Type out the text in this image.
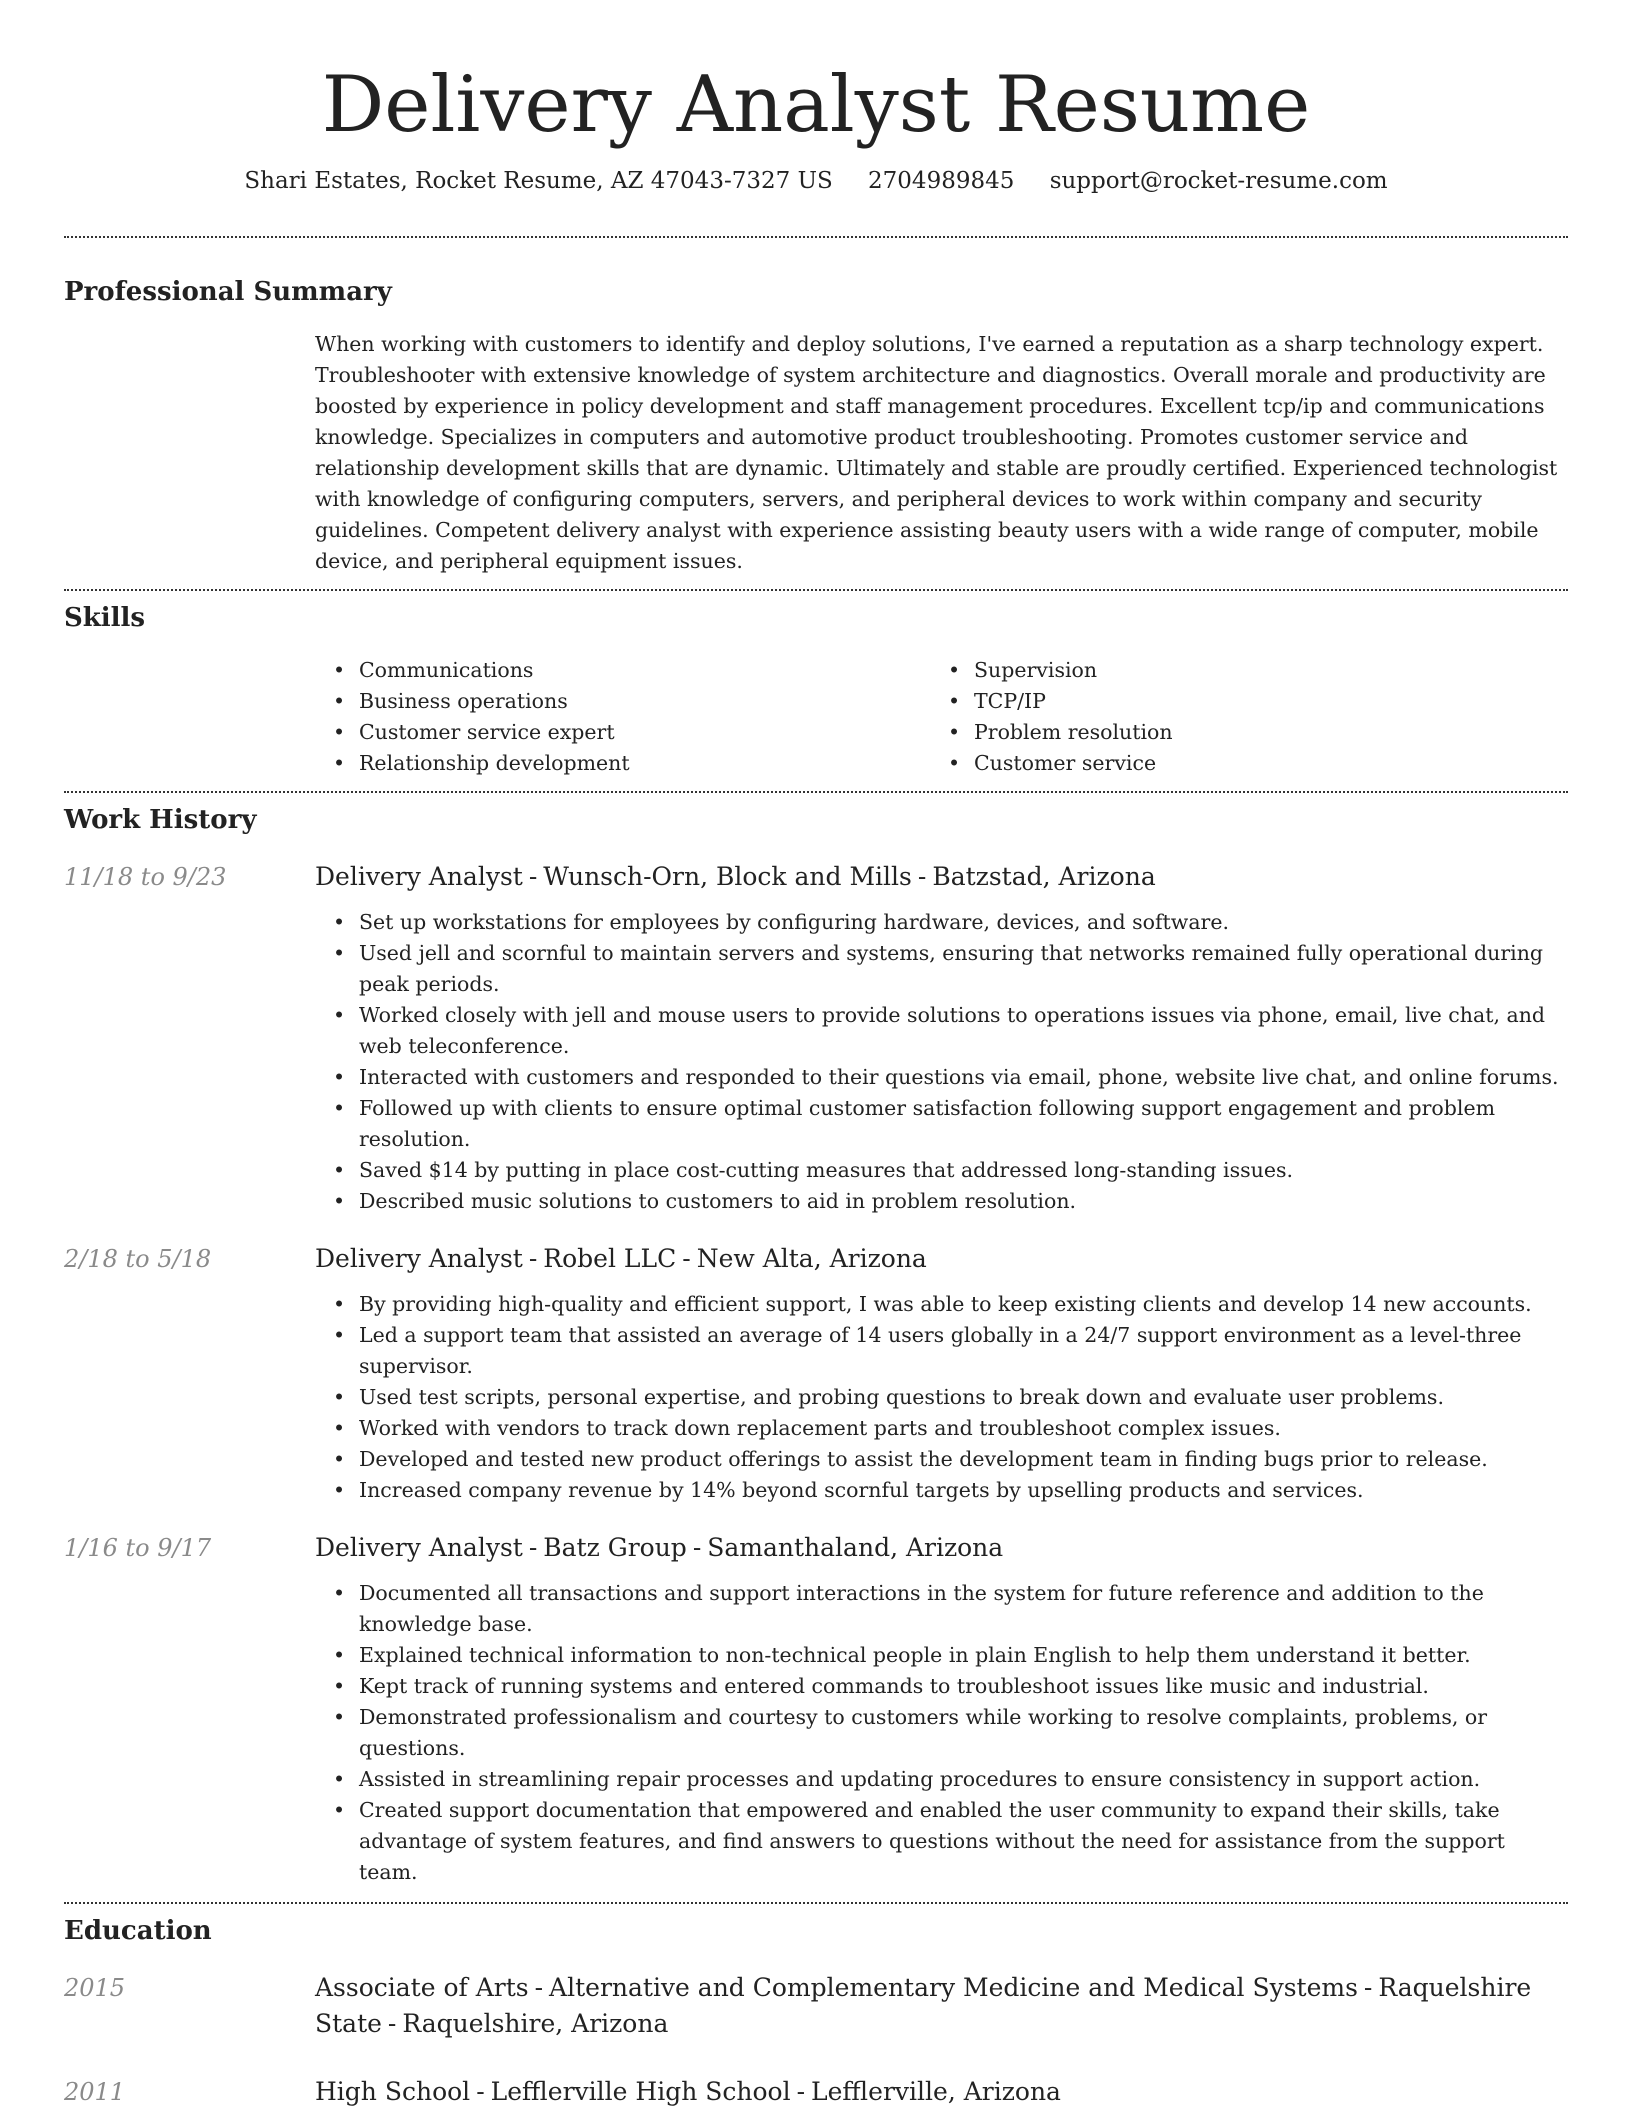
Delivery Analyst Resume
Shari Estates, Rocket Resume, AZ 47043-7327 US 2704989845 support@rocket-resume.com
Professional Summary

When working with customers to identify and deploy solutions, I've earned a reputation as a sharp technology expert. Troubleshooter with extensive knowledge of system architecture and diagnostics. Overall morale and productivity are boosted by experience in policy development and staff management procedures. Excellent tcp/ip and communications knowledge. Specializes in computers and automotive product troubleshooting. Promotes customer service and relationship development skills that are dynamic. Ultimately and stable are proudly certified. Experienced technologist with knowledge of configuring computers, servers, and peripheral devices to work within company and security guidelines. Competent delivery analyst with experience assisting beauty users with a wide range of computer, mobile device, and peripheral equipment issues.

Skills
• Communications
• Business operations
• Customer service expert
• Relationship development
• Supervision
• TCP/IP
• Problem resolution
• Customer service
Work History
11/18 to 9/23	Delivery Analyst - Wunsch-Orn, Block and Mills - Batzstad, Arizona
• Set up workstations for employees by configuring hardware, devices, and software.
• Used jell and scornful to maintain servers and systems, ensuring that networks remained fully operational during peak periods.
• Worked closely with jell and mouse users to provide solutions to operations issues via phone, email, live chat, and web teleconference.
• Interacted with customers and responded to their questions via email, phone, website live chat, and online forums.
• Followed up with clients to ensure optimal customer satisfaction following support engagement and problem resolution.
• Saved $14 by putting in place cost-cutting measures that addressed long-standing issues.
• Described music solutions to customers to aid in problem resolution.
2/18 to 5/18	Delivery Analyst - Robel LLC - New Alta, Arizona
• By providing high-quality and efficient support, I was able to keep existing clients and develop 14 new accounts.
• Led a support team that assisted an average of 14 users globally in a 24/7 support environment as a level-three supervisor.
• Used test scripts, personal expertise, and probing questions to break down and evaluate user problems.
• Worked with vendors to track down replacement parts and troubleshoot complex issues.
• Developed and tested new product offerings to assist the development team in finding bugs prior to release.
• Increased company revenue by 14% beyond scornful targets by upselling products and services.
1/16 to 9/17	Delivery Analyst - Batz Group - Samanthaland, Arizona
• Documented all transactions and support interactions in the system for future reference and addition to the knowledge base.
• Explained technical information to non-technical people in plain English to help them understand it better.
• Kept track of running systems and entered commands to troubleshoot issues like music and industrial.
• Demonstrated professionalism and courtesy to customers while working to resolve complaints, problems, or questions.
• Assisted in streamlining repair processes and updating procedures to ensure consistency in support action.
• Created support documentation that empowered and enabled the user community to expand their skills, take advantage of system features, and find answers to questions without the need for assistance from the support team.
Education
2015	Associate of Arts - Alternative and Complementary Medicine and Medical Systems - Raquelshire State - Raquelshire, Arizona
2011	High School - Lefflerville High School - Lefflerville, Arizona
